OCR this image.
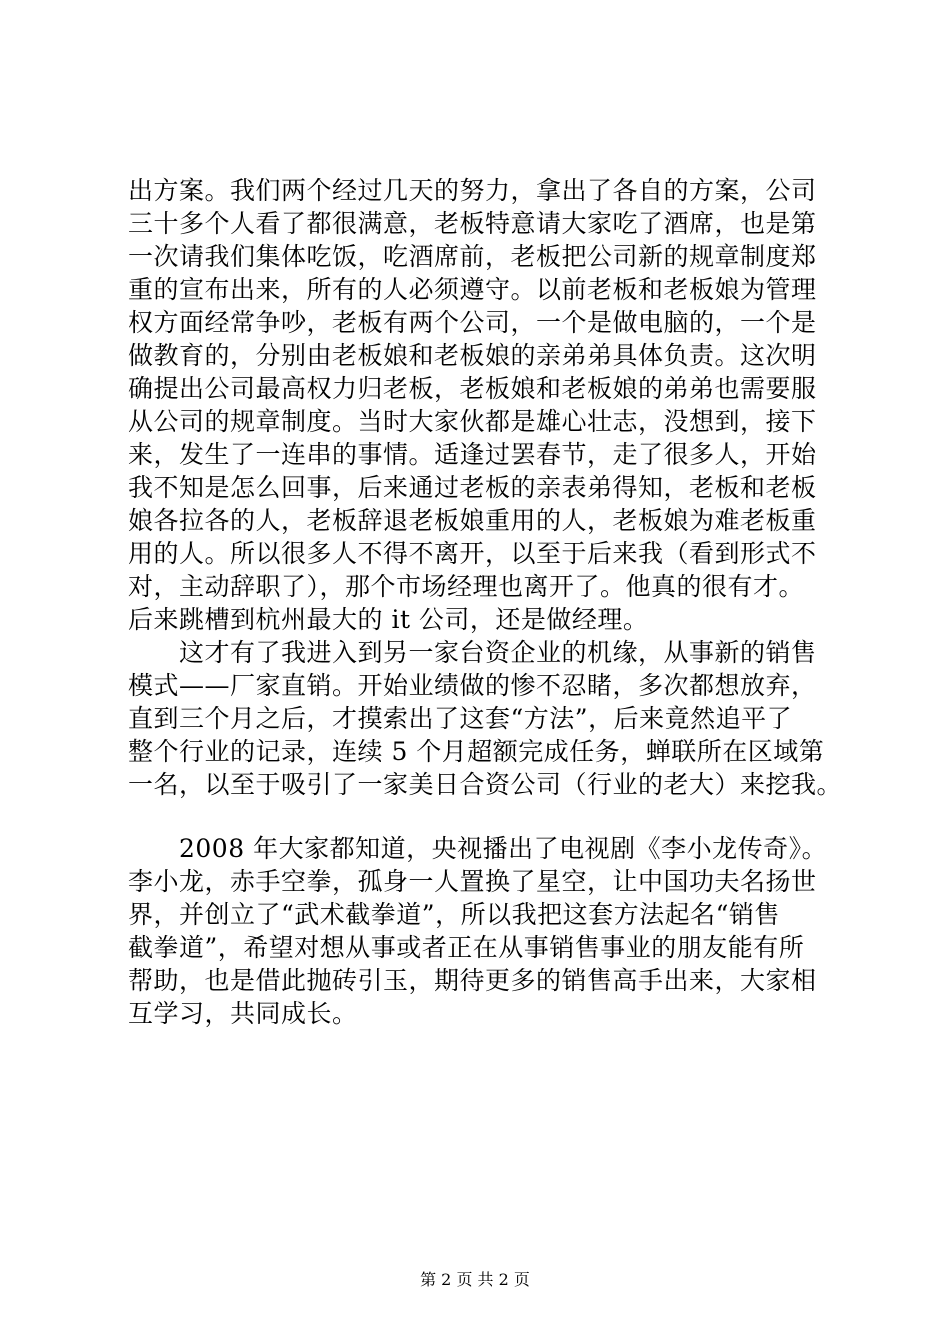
出方案。我们两个经过几天的努力，拿出了各自的方案，公司
三十多个人看了都很满意，老板特意请大家吃了酒席，也是第
一次请我们集体吃饭，吃酒席前，老板把公司新的规章制度郑
重的宣布出来，所有的人必须遵守。以前老板和老板娘为管理
权方面经常争吵，老板有两个公司，一个是做电脑的，一个是
做教育的，分别由老板娘和老板娘的亲弟弟具体负责。这次明
确提出公司最高权力归老板，老板娘和老板娘的弟弟也需要服
从公司的规章制度。当时大家伙都是雄心壮志，没想到，接下
来，发生了一连串的事情。适逢过罢春节，走了很多人，开始
我不知是怎么回事，后来通过老板的亲表弟得知，老板和老板
娘各拉各的人，老板辞退老板娘重用的人，老板娘为难老板重
用的人。所以很多人不得不离开，以至于后来我（看到形式不
对，主动辞职了），那个市场经理也离开了。他真的很有才。
后来跳槽到杭州最大的 it 公司，还是做经理。
　　这才有了我进入到另一家台资企业的机缘，从事新的销售
模式——厂家直销。开始业绩做的惨不忍睹，多次都想放弃，
直到三个月之后，才摸索出了这套“方法”，后来竟然追平了
整个行业的记录，连续 5 个月超额完成任务，蝉联所在区域第
一名，以至于吸引了一家美日合资公司（行业的老大）来挖我。
　　2008 年大家都知道，央视播出了电视剧《李小龙传奇》。
李小龙，赤手空拳，孤身一人置换了星空，让中国功夫名扬世
界，并创立了“武术截拳道”，所以我把这套方法起名“销售
截拳道”，希望对想从事或者正在从事销售事业的朋友能有所
帮助，也是借此抛砖引玉，期待更多的销售高手出来，大家相
互学习，共同成长。
第 2 页 共 2 页
